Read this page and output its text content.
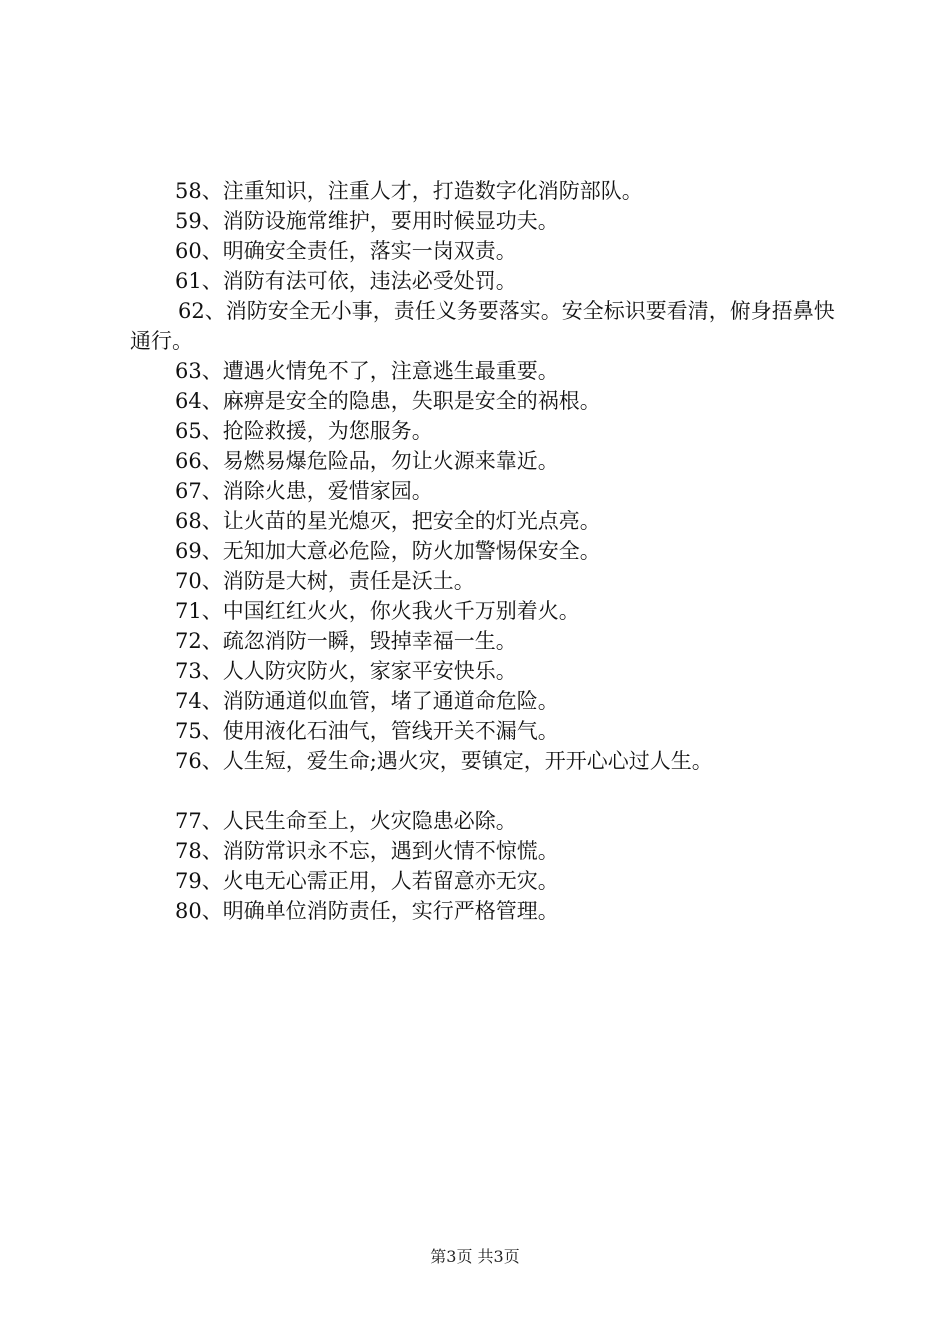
58、注重知识，注重人才，打造数字化消防部队。
59、消防设施常维护，要用时候显功夫。
60、明确安全责任，落实一岗双责。
61、消防有法可依，违法必受处罚。
62、消防安全无小事，责任义务要落实。安全标识要看清，俯身捂鼻快通行。
63、遭遇火情免不了，注意逃生最重要。
64、麻痹是安全的隐患，失职是安全的祸根。
65、抢险救援，为您服务。
66、易燃易爆危险品，勿让火源来靠近。
67、消除火患，爱惜家园。
68、让火苗的星光熄灭，把安全的灯光点亮。
69、无知加大意必危险，防火加警惕保安全。
70、消防是大树，责任是沃土。
71、中国红红火火，你火我火千万别着火。
72、疏忽消防一瞬，毁掉幸福一生。
73、人人防灾防火，家家平安快乐。
74、消防通道似血管，堵了通道命危险。
75、使用液化石油气，管线开关不漏气。
76、人生短，爱生命;遇火灾，要镇定，开开心心过人生。
77、人民生命至上，火灾隐患必除。
78、消防常识永不忘，遇到火情不惊慌。
79、火电无心需正用，人若留意亦无灾。
80、明确单位消防责任，实行严格管理。
第3页 共3页
